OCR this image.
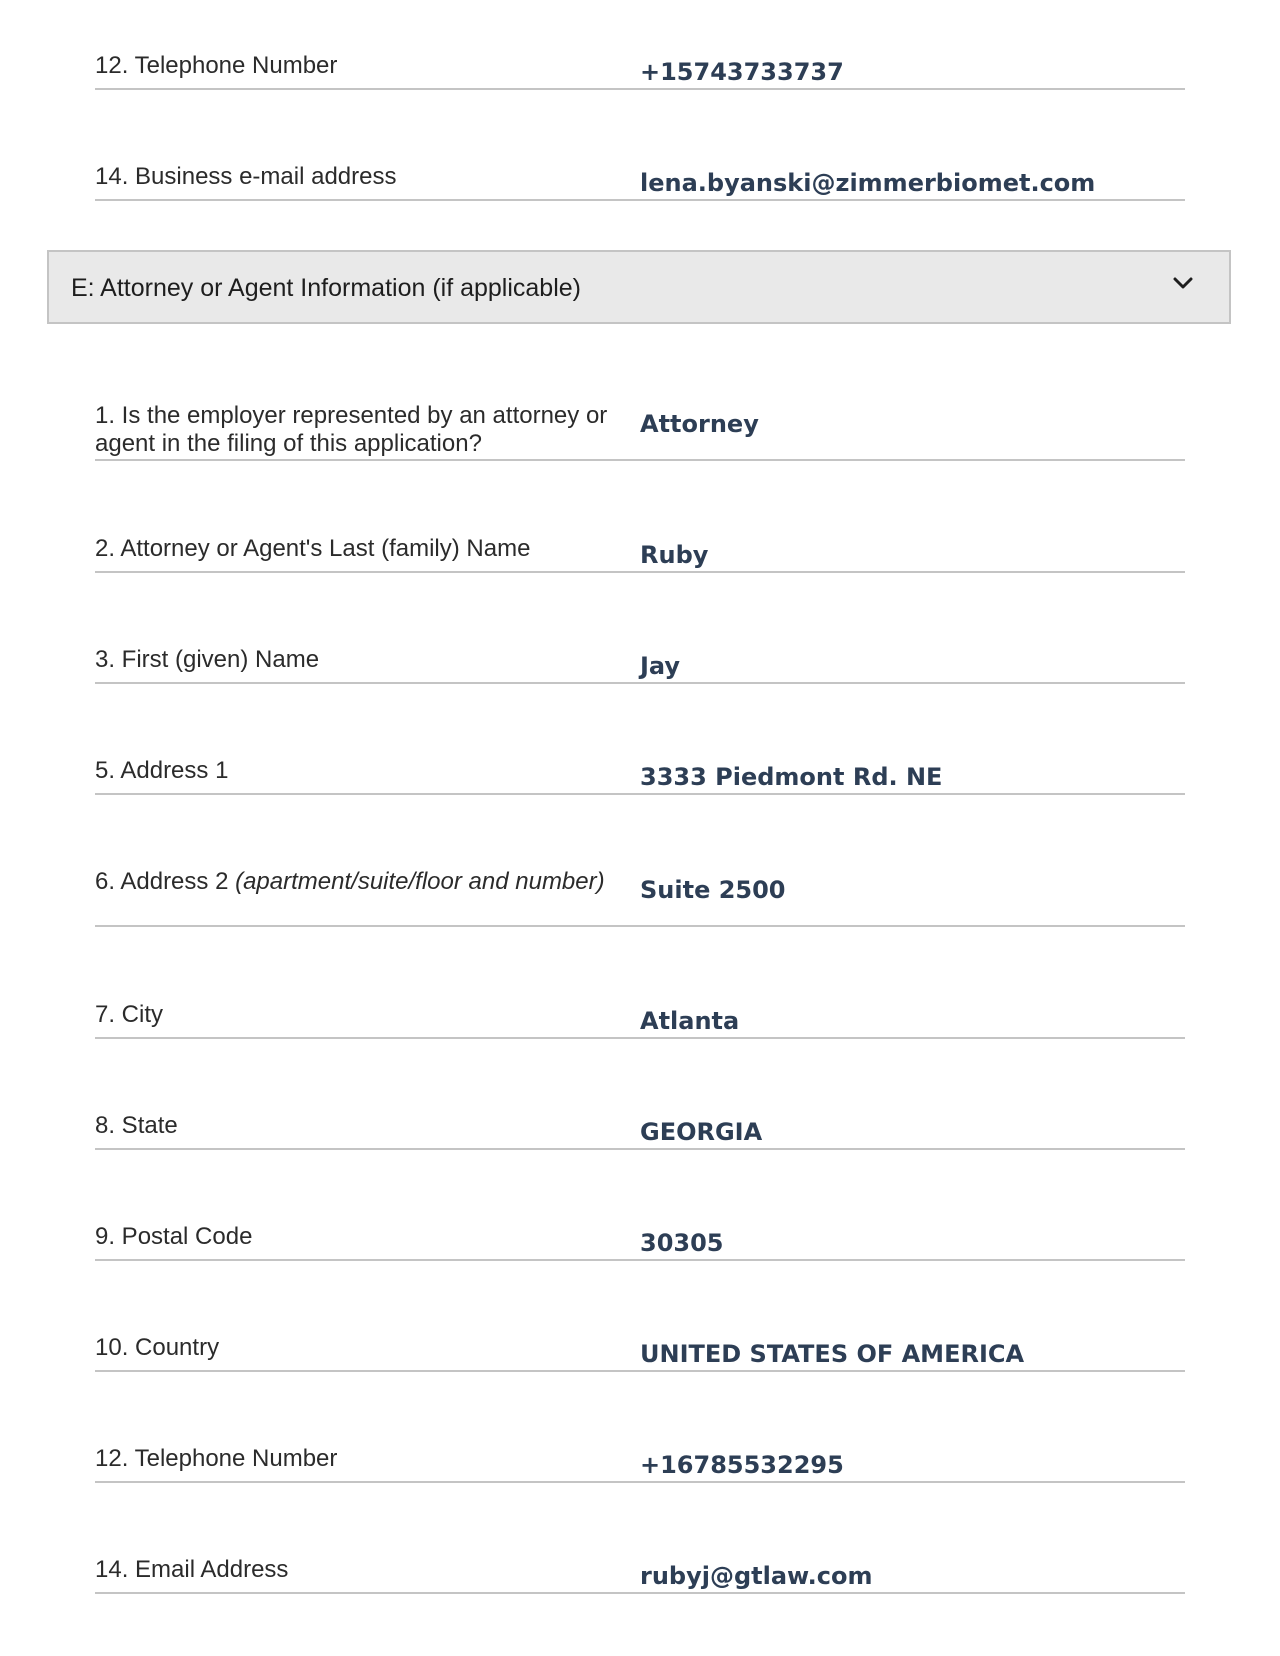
12. Telephone Number	+15743733737
14. Business e-mail address	lena.byanski@zimmerbiomet.com
E: Attorney or Agent Information (if applicable)
1. Is the employer represented by an attorney or agent in the filing of this application?
Attorney
2. Attorney or Agent's Last (family) Name	Ruby
3. First (given) Name	Jay
5. Address 1	3333 Piedmont Rd. NE
6. Address 2 (apartment/suite/floor and number)	Suite 2500
7. City	Atlanta
8. State	GEORGIA
9. Postal Code	30305
10. Country	UNITED STATES OF AMERICA
12. Telephone Number	+16785532295
14. Email Address	rubyj@gtlaw.com
